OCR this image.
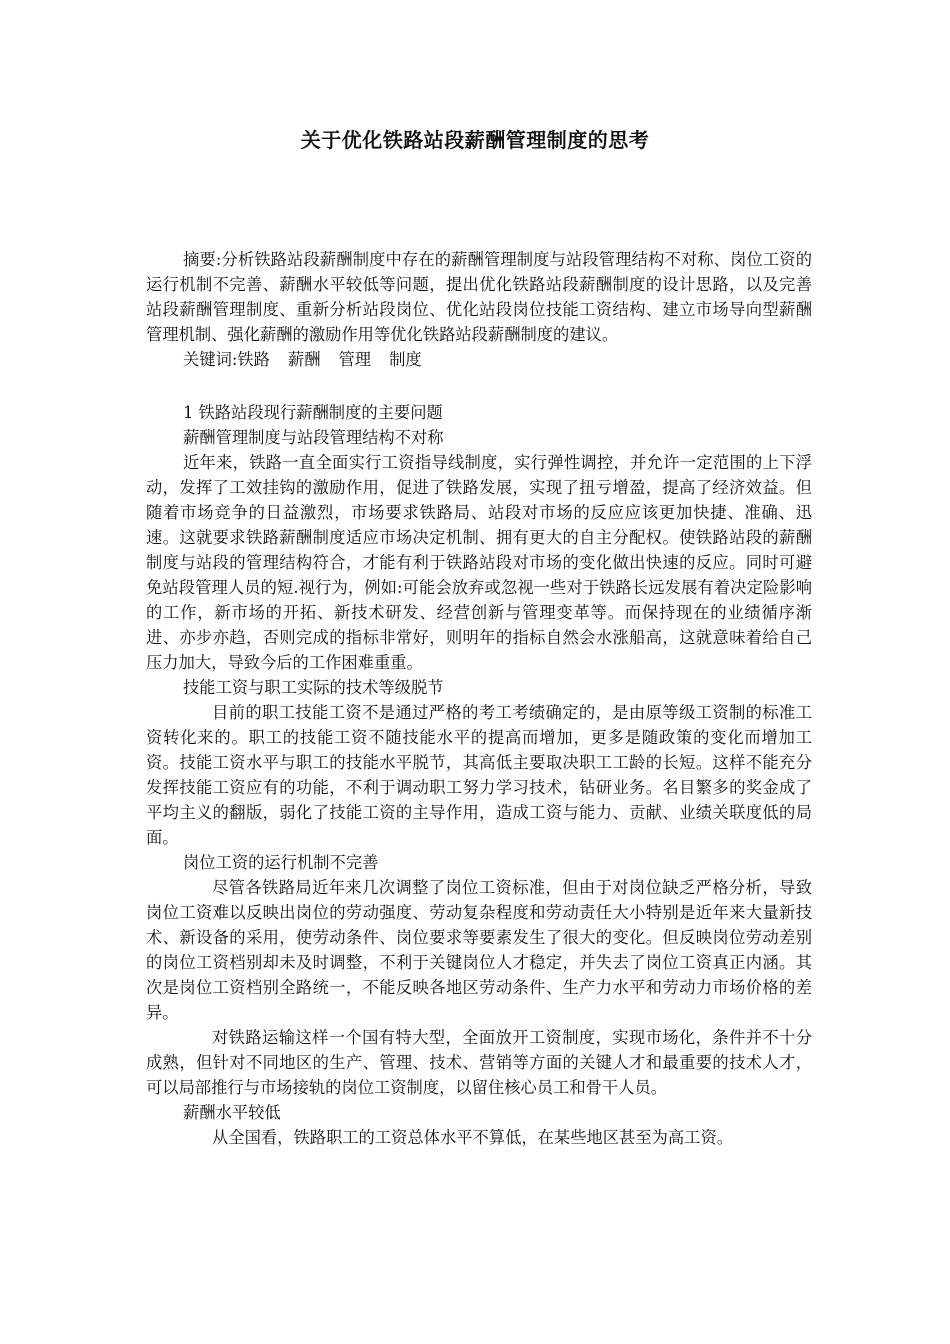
关于优化铁路站段薪酬管理制度的思考

摘要:分析铁路站段薪酬制度中存在的薪酬管理制度与站段管理结构不对称、岗位工资的运行机制不完善、薪酬水平较低等问题，提出优化铁路站段薪酬制度的设计思路，以及完善站段薪酬管理制度、重新分析站段岗位、优化站段岗位技能工资结构、建立市场导向型薪酬管理机制、强化薪酬的激励作用等优化铁路站段薪酬制度的建议。

关键词:铁路 薪酬 管理 制度

1 铁路站段现行薪酬制度的主要问题

薪酬管理制度与站段管理结构不对称

近年来，铁路一直全面实行工资指导线制度，实行弹性调控，并允许一定范围的上下浮动，发挥了工效挂钩的激励作用，促进了铁路发展，实现了扭亏增盈，提高了经济效益。但随着市场竞争的日益激烈，市场要求铁路局、站段对市场的反应应该更加快捷、准确、迅速。这就要求铁路薪酬制度适应市场决定机制、拥有更大的自主分配权。使铁路站段的薪酬制度与站段的管理结构符合，才能有利于铁路站段对市场的变化做出快速的反应。同时可避免站段管理人员的短.视行为，例如:可能会放弃或忽视一些对于铁路长远发展有着决定险影响的工作，新市场的开拓、新技术研发、经营创新与管理变革等。而保持现在的业绩循序渐进、亦步亦趋，否则完成的指标非常好，则明年的指标自然会水涨船高，这就意味着给自己压力加大，导致今后的工作困难重重。

技能工资与职工实际的技术等级脱节

目前的职工技能工资不是通过严格的考工考绩确定的，是由原等级工资制的标准工资转化来的。职工的技能工资不随技能水平的提高而增加，更多是随政策的变化而增加工资。技能工资水平与职工的技能水平脱节，其高低主要取决职工工龄的长短。这样不能充分发挥技能工资应有的功能，不利于调动职工努力学习技术，钻研业务。名目繁多的奖金成了平均主义的翻版，弱化了技能工资的主导作用，造成工资与能力、贡献、业绩关联度低的局面。

岗位工资的运行机制不完善

尽管各铁路局近年来几次调整了岗位工资标准，但由于对岗位缺乏严格分析，导致岗位工资难以反映出岗位的劳动强度、劳动复杂程度和劳动责任大小特别是近年来大量新技术、新设备的采用，使劳动条件、岗位要求等要素发生了很大的变化。但反映岗位劳动差别的岗位工资档别却未及时调整，不利于关键岗位人才稳定，并失去了岗位工资真正内涵。其次是岗位工资档别全路统一，不能反映各地区劳动条件、生产力水平和劳动力市场价格的差异。

对铁路运输这样一个国有特大型，全面放开工资制度，实现市场化，条件并不十分成熟，但针对不同地区的生产、管理、技术、营销等方面的关键人才和最重要的技术人才，可以局部推行与市场接轨的岗位工资制度，以留住核心员工和骨干人员。

薪酬水平较低

从全国看，铁路职工的工资总体水平不算低，在某些地区甚至为高工资。
